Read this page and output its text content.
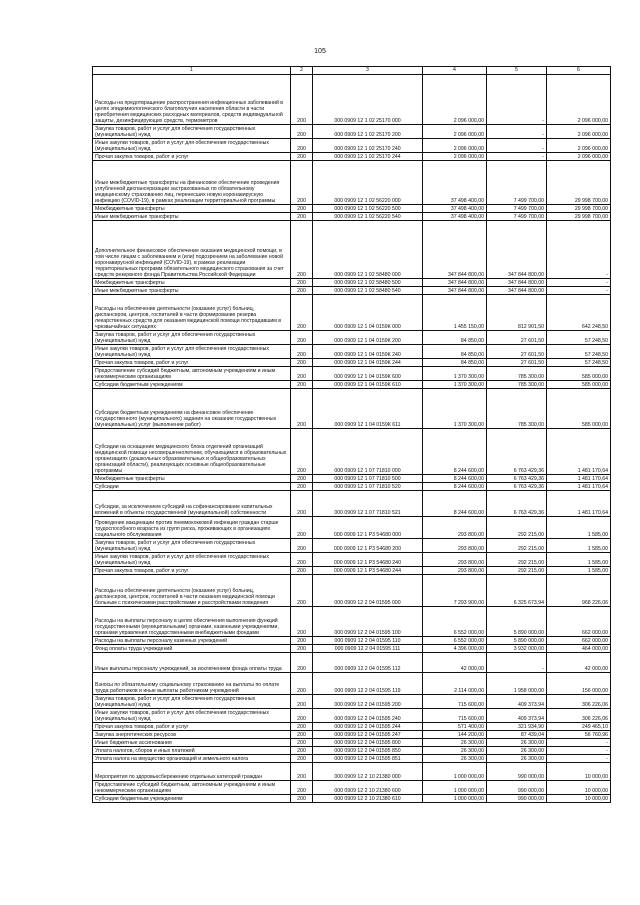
105
1	2	3	4	5	6
Расходы на предотвращение распространения инфекционных заболеваний в целях эпидемиологического благополучия населения области в части приобретения медицинских расходных материалов, средств индивидуальной защиты, дезинфицирующих средств, термометров	200	000 0909 12 1 02 25170 000	2 096 000,00	-	2 096 000,00
Закупка товаров, работ и услуг для обеспечения государственных (муниципальных) нужд	200	000 0909 12 1 02 25170 200	2 096 000,00	-	2 096 000,00
Иные закупки товаров, работ и услуг для обеспечения государственных (муниципальных) нужд	200	000 0909 12 1 02 25170 240	2 096 000,00	-	2 096 000,00
Прочая закупка товаров, работ и услуг	200	000 0909 12 1 02 25170 244	2 096 000,00	-	2 096 000,00
Иные межбюджетные трансферты на финансовое обеспечение проведения углубленной диспансеризации застрахованных по обязательному медицинскому страхованию лиц, перенесших новую коронавирусную инфекцию (COVID-19), в рамках реализации территориальной программы	200	000 0909 12 1 02 56220 000	37 498 400,00	7 499 700,00	29 998 700,00
Межбюджетные трансферты	200	000 0909 12 1 02 56220 500	37 498 400,00	7 499 700,00	29 998 700,00
Иные межбюджетные трансферты	200	000 0909 12 1 02 56220 540	37 498 400,00	7 499 700,00	29 998 700,00
Дополнительное финансовое обеспечение оказания медицинской помощи, в том числе лицам с заболеванием и (или) подозрением на заболевание новой коронавирусной инфекцией (COVID-19), в рамках реализации территориальных программ обязательного медицинского страхования за счет средств резервного фонда Правительства Российской Федерации	200	000 0909 12 1 02 58480 000	347 844 800,00	347 844 800,00	-
Межбюджетные трансферты	200	000 0909 12 1 02 58480 500	347 844 800,00	347 844 800,00	-
Иные межбюджетные трансферты	200	000 0909 12 1 02 58480 540	347 844 800,00	347 844 800,00	-
Расходы на обеспечение деятельности (оказание услуг) больниц, диспансеров, центров, госпиталей в части формирование резерва лекарственных средств для оказания медицинской помощи пострадавшим в чрезвычайных ситуациях	200	000 0909 12 1 04 0159К 000	1 455 150,00	812 901,50	642 248,50
Закупка товаров, работ и услуг для обеспечения государственных (муниципальных) нужд	200	000 0909 12 1 04 0159К 200	84 850,00	27 601,50	57 248,50
Иные закупки товаров, работ и услуг для обеспечения государственных (муниципальных) нужд	200	000 0909 12 1 04 0159К 240	84 850,00	27 601,50	57 248,50
Прочая закупка товаров, работ и услуг	200	000 0909 12 1 04 0159К 244	84 850,00	27 601,50	57 248,50
Предоставление субсидий бюджетным, автономным учреждениям и иным некоммерческим организациям	200	000 0909 12 1 04 0159К 600	1 370 300,00	785 300,00	585 000,00
Субсидии бюджетным учреждениям	200	000 0909 12 1 04 0159К 610	1 370 300,00	785 300,00	585 000,00
Субсидии бюджетным учреждениям на финансовое обеспечение государственного (муниципального) задания на оказание государственных (муниципальных) услуг (выполнение работ)	200	000 0909 12 1 04 0159К 611	1 370 300,00	785 300,00	585 000,00
Субсидии на оснащение медицинского блока отделений организаций медицинской помощи несовершеннолетним, обучающимся в образовательных организациях (дошкольных образовательных и общеобразовательных организаций области), реализующих основные общеобразовательные программы	200	000 0909 12 1 07 71810 000	8 244 600,00	6 763 429,36	1 481 170,64
Межбюджетные трансферты	200	000 0909 12 1 07 71810 500	8 244 600,00	6 763 429,36	1 481 170,64
Субсидии	200	000 0909 12 1 07 71810 520	8 244 600,00	6 763 429,36	1 481 170,64
Субсидии, за исключением субсидий на софинансирование капитальных вложений в объекты государственной (муниципальной) собственности	200	000 0909 12 1 07 71810 521	8 244 600,00	6 763 429,36	1 481 170,64
Проведение вакцинации против пневмококковой инфекции граждан старше трудоспособного возраста из групп риска, проживающих в организациях социального обслуживания	200	000 0909 12 1 P3 54680 000	293 800,00	292 215,00	1 585,00
Закупка товаров, работ и услуг для обеспечения государственных (муниципальных) нужд	200	000 0909 12 1 P3 54680 200	293 800,00	292 215,00	1 585,00
Иные закупки товаров, работ и услуг для обеспечения государственных (муниципальных) нужд	200	000 0909 12 1 P3 54680 240	293 800,00	292 215,00	1 585,00
Прочая закупка товаров, работ и услуг	200	000 0909 12 1 P3 54680 244	293 800,00	292 215,00	1 585,00
Расходы на обеспечение деятельности (оказание услуг) больниц, диспансеров, центров, госпиталей в части оказания медицинской помощи больным с психическими расстройствами и расстройствами поведения	200	000 0909 12 2 04 01595 000	7 293 900,00	6 325 673,94	968 226,06
Расходы на выплаты персоналу в целях обеспечения выполнения функций государственными (муниципальными) органами, казенными учреждениями, органами управления государственными внебюджетными фондами	200	000 0909 12 2 04 01595 100	6 552 000,00	5 890 000,00	662 000,00
Расходы на выплаты персоналу казенных учреждений	200	000 0909 12 2 04 01595 110	6 552 000,00	5 890 000,00	662 000,00
Фонд оплаты труда учреждений	200	000 0909 12 2 04 01595 111	4 396 000,00	3 932 000,00	464 000,00
Иные выплаты персоналу учреждений, за исключением фонда оплаты труда	200	000 0909 12 2 04 01595 112	42 000,00	-	42 000,00
Взносы по обязательному социальному страхованию на выплаты по оплате труда работников и иные выплаты работникам учреждений	200	000 0909 12 2 04 01595 119	2 114 000,00	1 958 000,00	156 000,00
Закупка товаров, работ и услуг для обеспечения государственных (муниципальных) нужд	200	000 0909 12 2 04 01595 200	715 600,00	409 373,94	306 226,06
Иные закупки товаров, работ и услуг для обеспечения государственных (муниципальных) нужд	200	000 0909 12 2 04 01595 240	715 600,00	409 373,94	306 226,06
Прочая закупка товаров, работ и услуг	200	000 0909 12 2 04 01595 244	571 400,00	321 934,90	249 465,10
Закупка энергетических ресурсов	200	000 0909 12 2 04 01595 247	144 200,00	87 439,04	56 760,96
Иные бюджетные ассигнования	200	000 0909 12 2 04 01595 800	26 300,00	26 300,00	-
Уплата налогов, сборов и иных платежей	200	000 0909 12 2 04 01595 850	26 300,00	26 300,00	-
Уплата налога на имущество организаций и земельного налога	200	000 0909 12 2 04 01595 851	26 300,00	26 300,00	-
Мероприятия по здоровьесбережению отдельных категорий граждан	200	000 0909 12 2 10 21380 000	1 000 000,00	990 000,00	10 000,00
Предоставление субсидий бюджетным, автономным учреждениям и иным некоммерческим организациям	200	000 0909 12 2 10 21380 600	1 000 000,00	990 000,00	10 000,00
Субсидии бюджетным учреждениям	200	000 0909 12 2 10 21380 610	1 000 000,00	990 000,00	10 000,00
